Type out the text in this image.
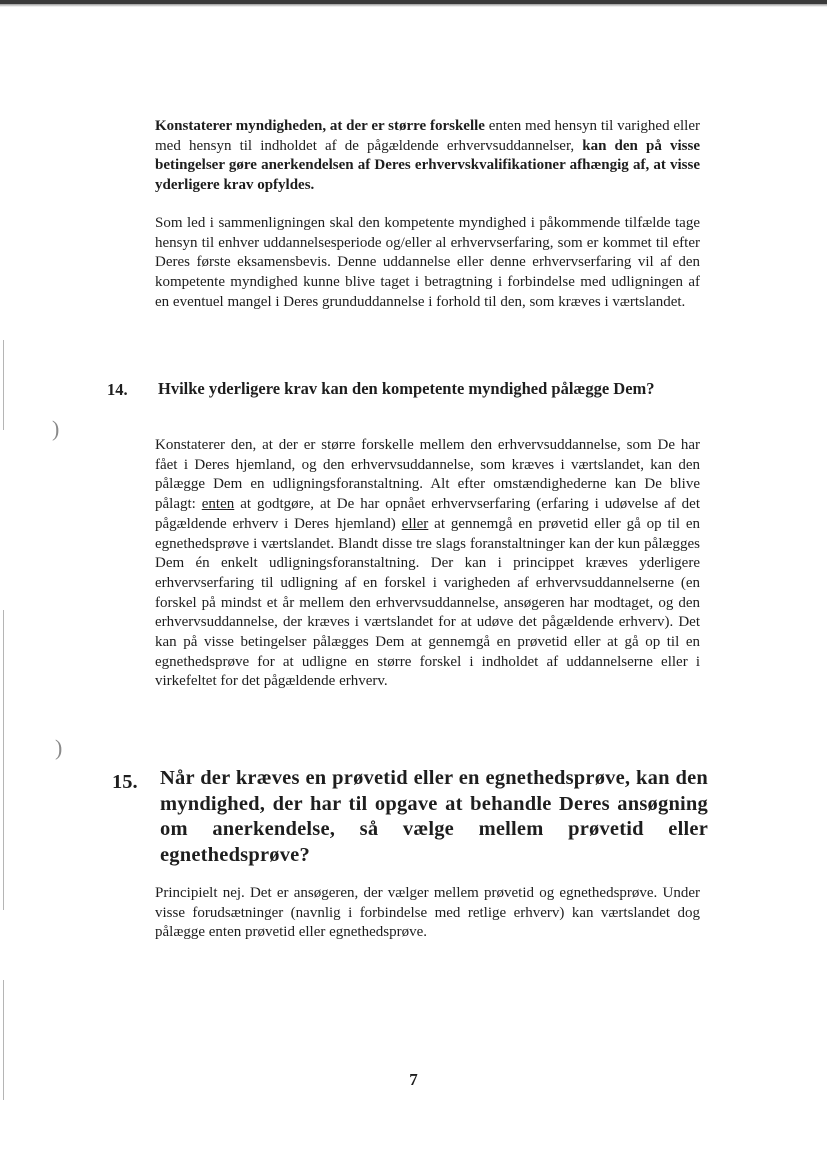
)
)

Konstaterer myndigheden, at der er større forskelle enten med hensyn til varighed eller med hensyn til indholdet af de pågældende erhvervsuddannelser, kan den på visse betingelser gøre anerkendelsen af Deres erhvervskvalifikationer afhængig af, at visse yderligere krav opfyldes.

Som led i sammenligningen skal den kompetente myndighed i påkommende tilfælde tage hensyn til enhver uddannelsesperiode og/eller al erhvervserfaring, som er kommet til efter Deres første eksamensbevis. Denne uddannelse eller denne erhvervserfaring vil af den kompetente myndighed kunne blive taget i betragtning i forbindelse med udligningen af en eventuel mangel i Deres grunduddannelse i forhold til den, som kræves i værtslandet.

14. Hvilke yderligere krav kan den kompetente myndighed pålægge Dem?

Konstaterer den, at der er større forskelle mellem den erhvervsuddannelse, som De har fået i Deres hjemland, og den erhvervsuddannelse, som kræves i værtslandet, kan den pålægge Dem en udligningsforanstaltning. Alt efter omstændighederne kan De blive pålagt: enten at godtgøre, at De har opnået erhvervserfaring (erfaring i udøvelse af det pågældende erhverv i Deres hjemland) eller at gennemgå en prøvetid eller gå op til en egnethedsprøve i værtslandet. Blandt disse tre slags foranstaltninger kan der kun pålægges Dem én enkelt udligningsforanstaltning. Der kan i princippet kræves yderligere erhvervserfaring til udligning af en forskel i varigheden af erhvervsuddannelserne (en forskel på mindst et år mellem den erhvervsuddannelse, ansøgeren har modtaget, og den erhvervsuddannelse, der kræves i værtslandet for at udøve det pågældende erhverv). Det kan på visse betingelser pålægges Dem at gennemgå en prøvetid eller at gå op til en egnethedsprøve for at udligne en større forskel i indholdet af uddannelserne eller i virkefeltet for det pågældende erhverv.

15. Når der kræves en prøvetid eller en egnethedsprøve, kan den myndighed, der har til opgave at behandle Deres ansøgning om anerkendelse, så vælge mellem prøvetid eller egnethedsprøve?

Principielt nej. Det er ansøgeren, der vælger mellem prøvetid og egnethedsprøve. Under visse forudsætninger (navnlig i forbindelse med retlige erhverv) kan værtslandet dog pålægge enten prøvetid eller egnethedsprøve.

7
